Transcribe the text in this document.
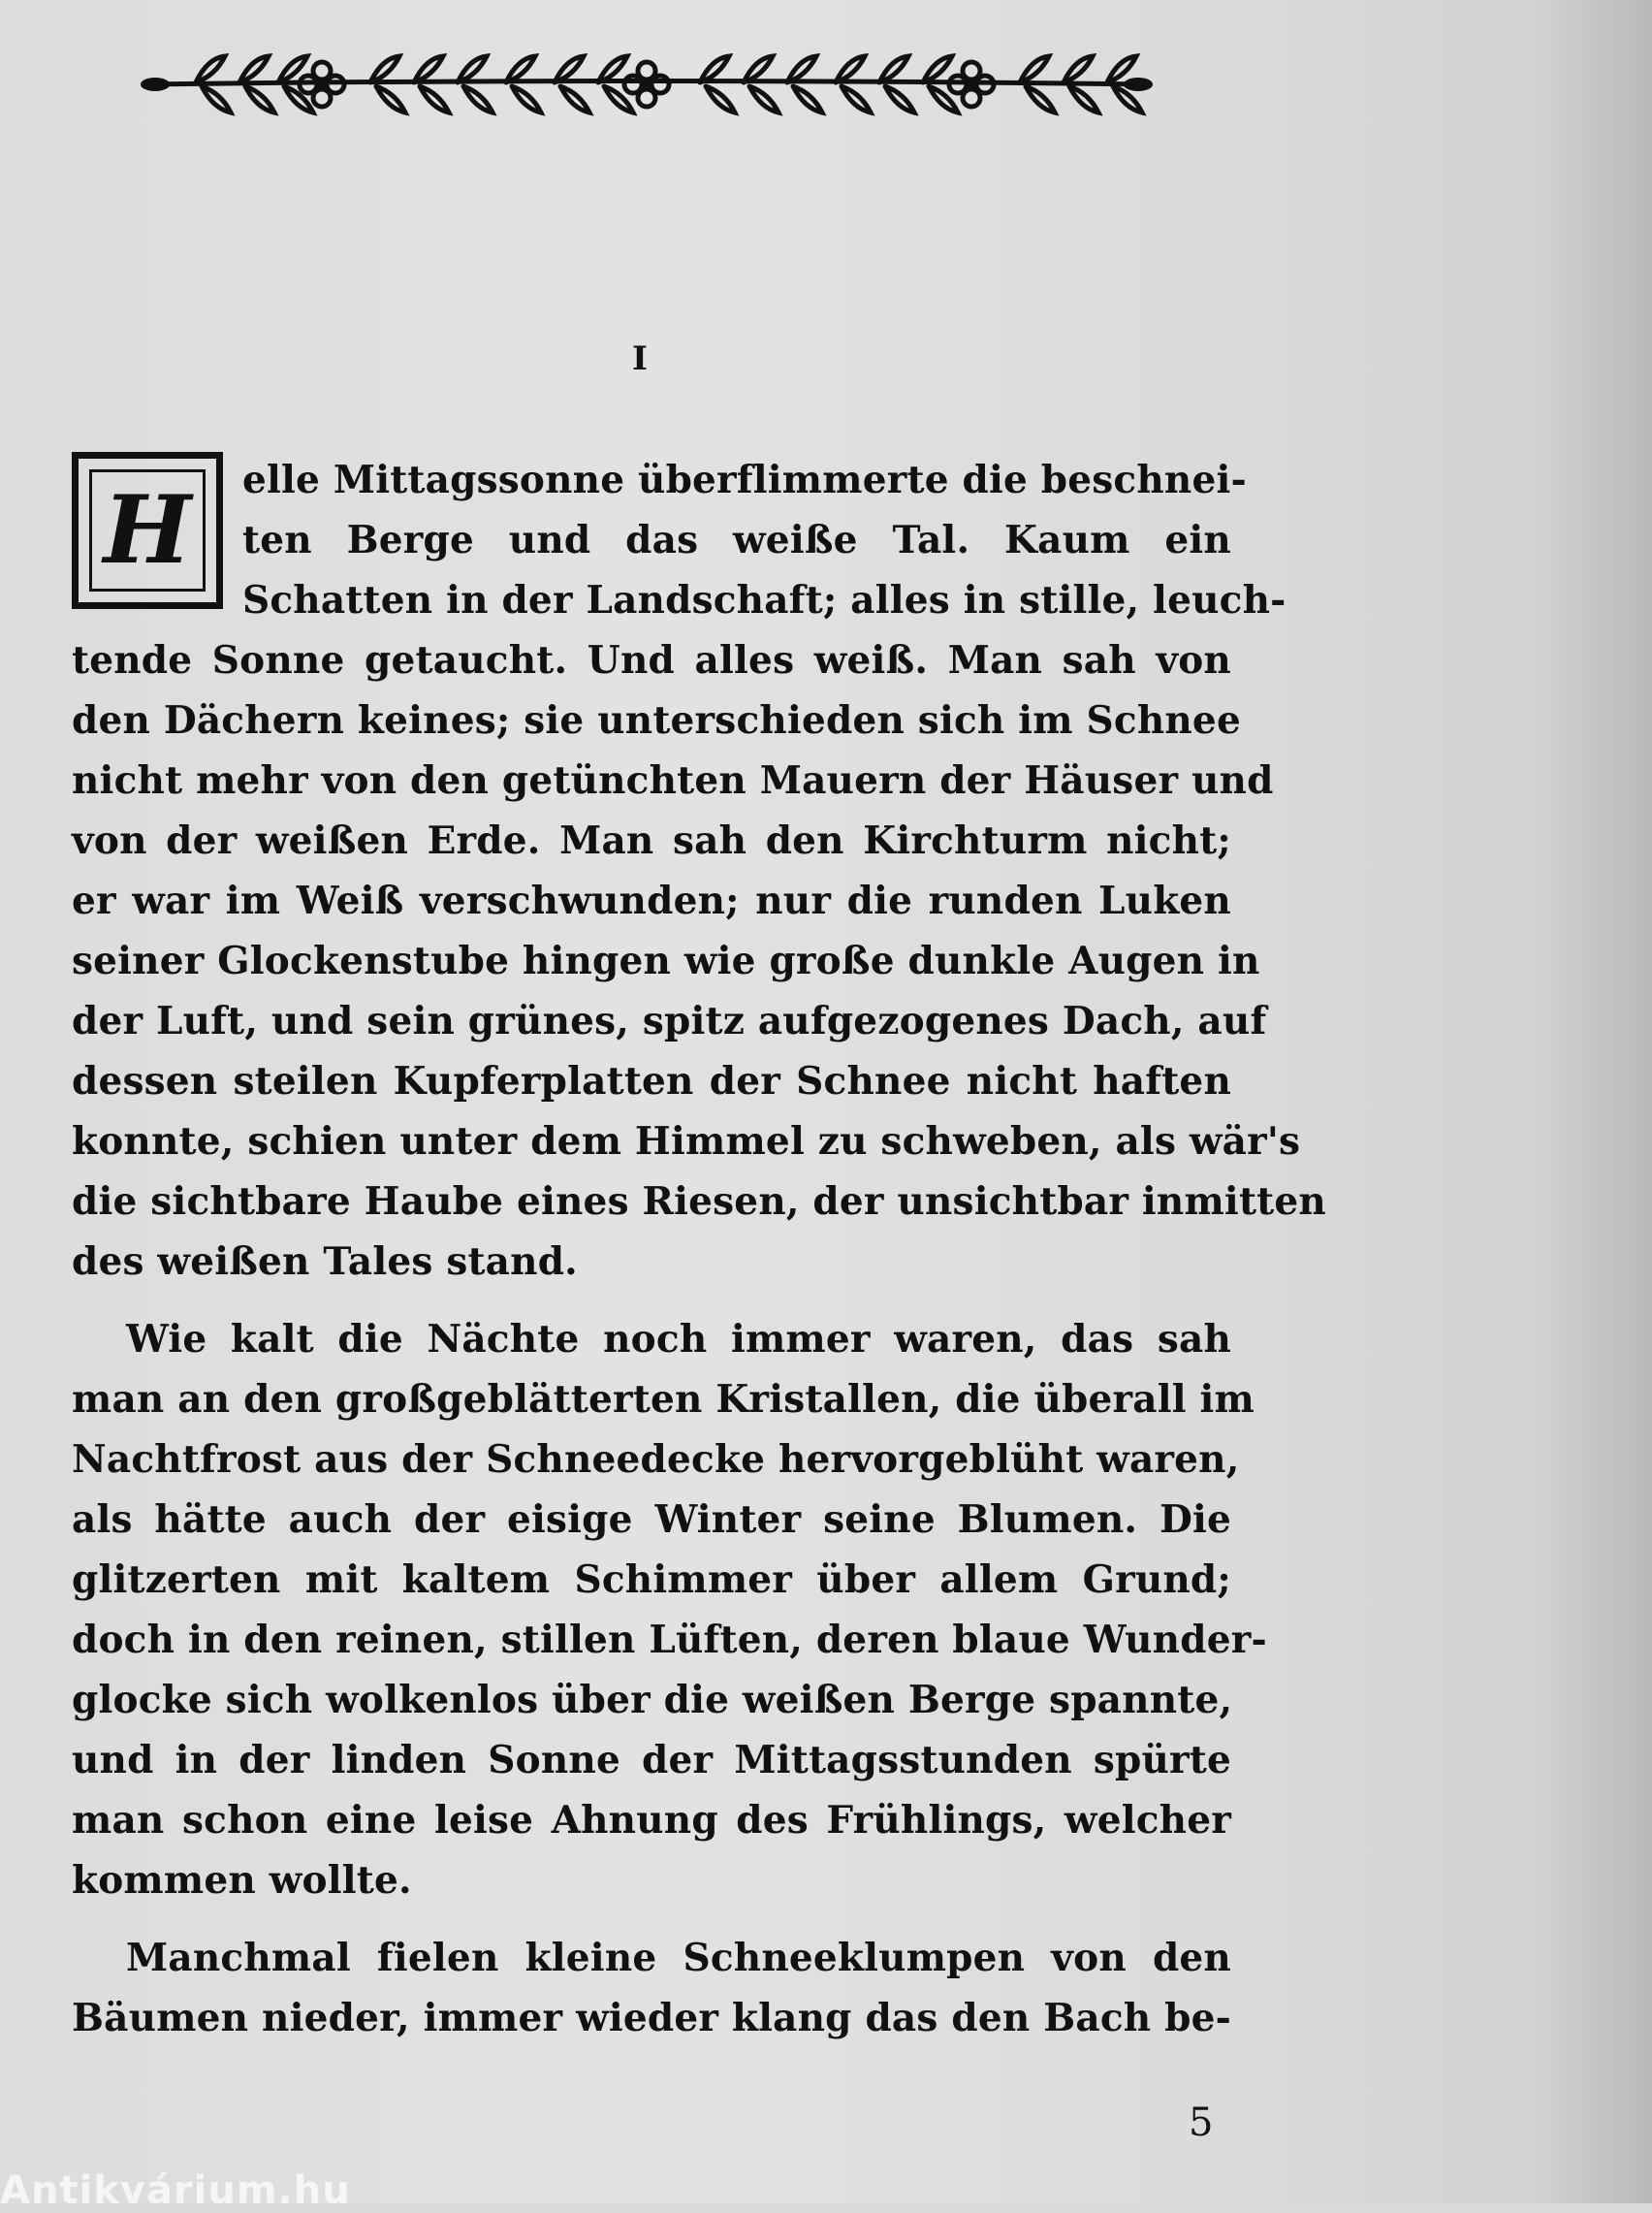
I
H	elle Mittagssonne überflimmerte die beschnei-
ten Berge und das weiße Tal. Kaum ein
Schatten in der Landschaft; alles in stille, leuch-
tende Sonne getaucht. Und alles weiß. Man sah von
den Dächern keines; sie unterschieden sich im Schnee
nicht mehr von den getünchten Mauern der Häuser und
von der weißen Erde. Man sah den Kirchturm nicht;
er war im Weiß verschwunden; nur die runden Luken
seiner Glockenstube hingen wie große dunkle Augen in
der Luft, und sein grünes, spitz aufgezogenes Dach, auf
dessen steilen Kupferplatten der Schnee nicht haften
konnte, schien unter dem Himmel zu schweben, als wär's
die sichtbare Haube eines Riesen, der unsichtbar inmitten
des weißen Tales stand.
Wie kalt die Nächte noch immer waren, das sah
man an den großgeblätterten Kristallen, die überall im
Nachtfrost aus der Schneedecke hervorgeblüht waren,
als hätte auch der eisige Winter seine Blumen. Die
glitzerten mit kaltem Schimmer über allem Grund;
doch in den reinen, stillen Lüften, deren blaue Wunder-
glocke sich wolkenlos über die weißen Berge spannte,
und in der linden Sonne der Mittagsstunden spürte
man schon eine leise Ahnung des Frühlings, welcher
kommen wollte.
Manchmal fielen kleine Schneeklumpen von den
Bäumen nieder, immer wieder klang das den Bach be-
5
Antikvárium.hu
